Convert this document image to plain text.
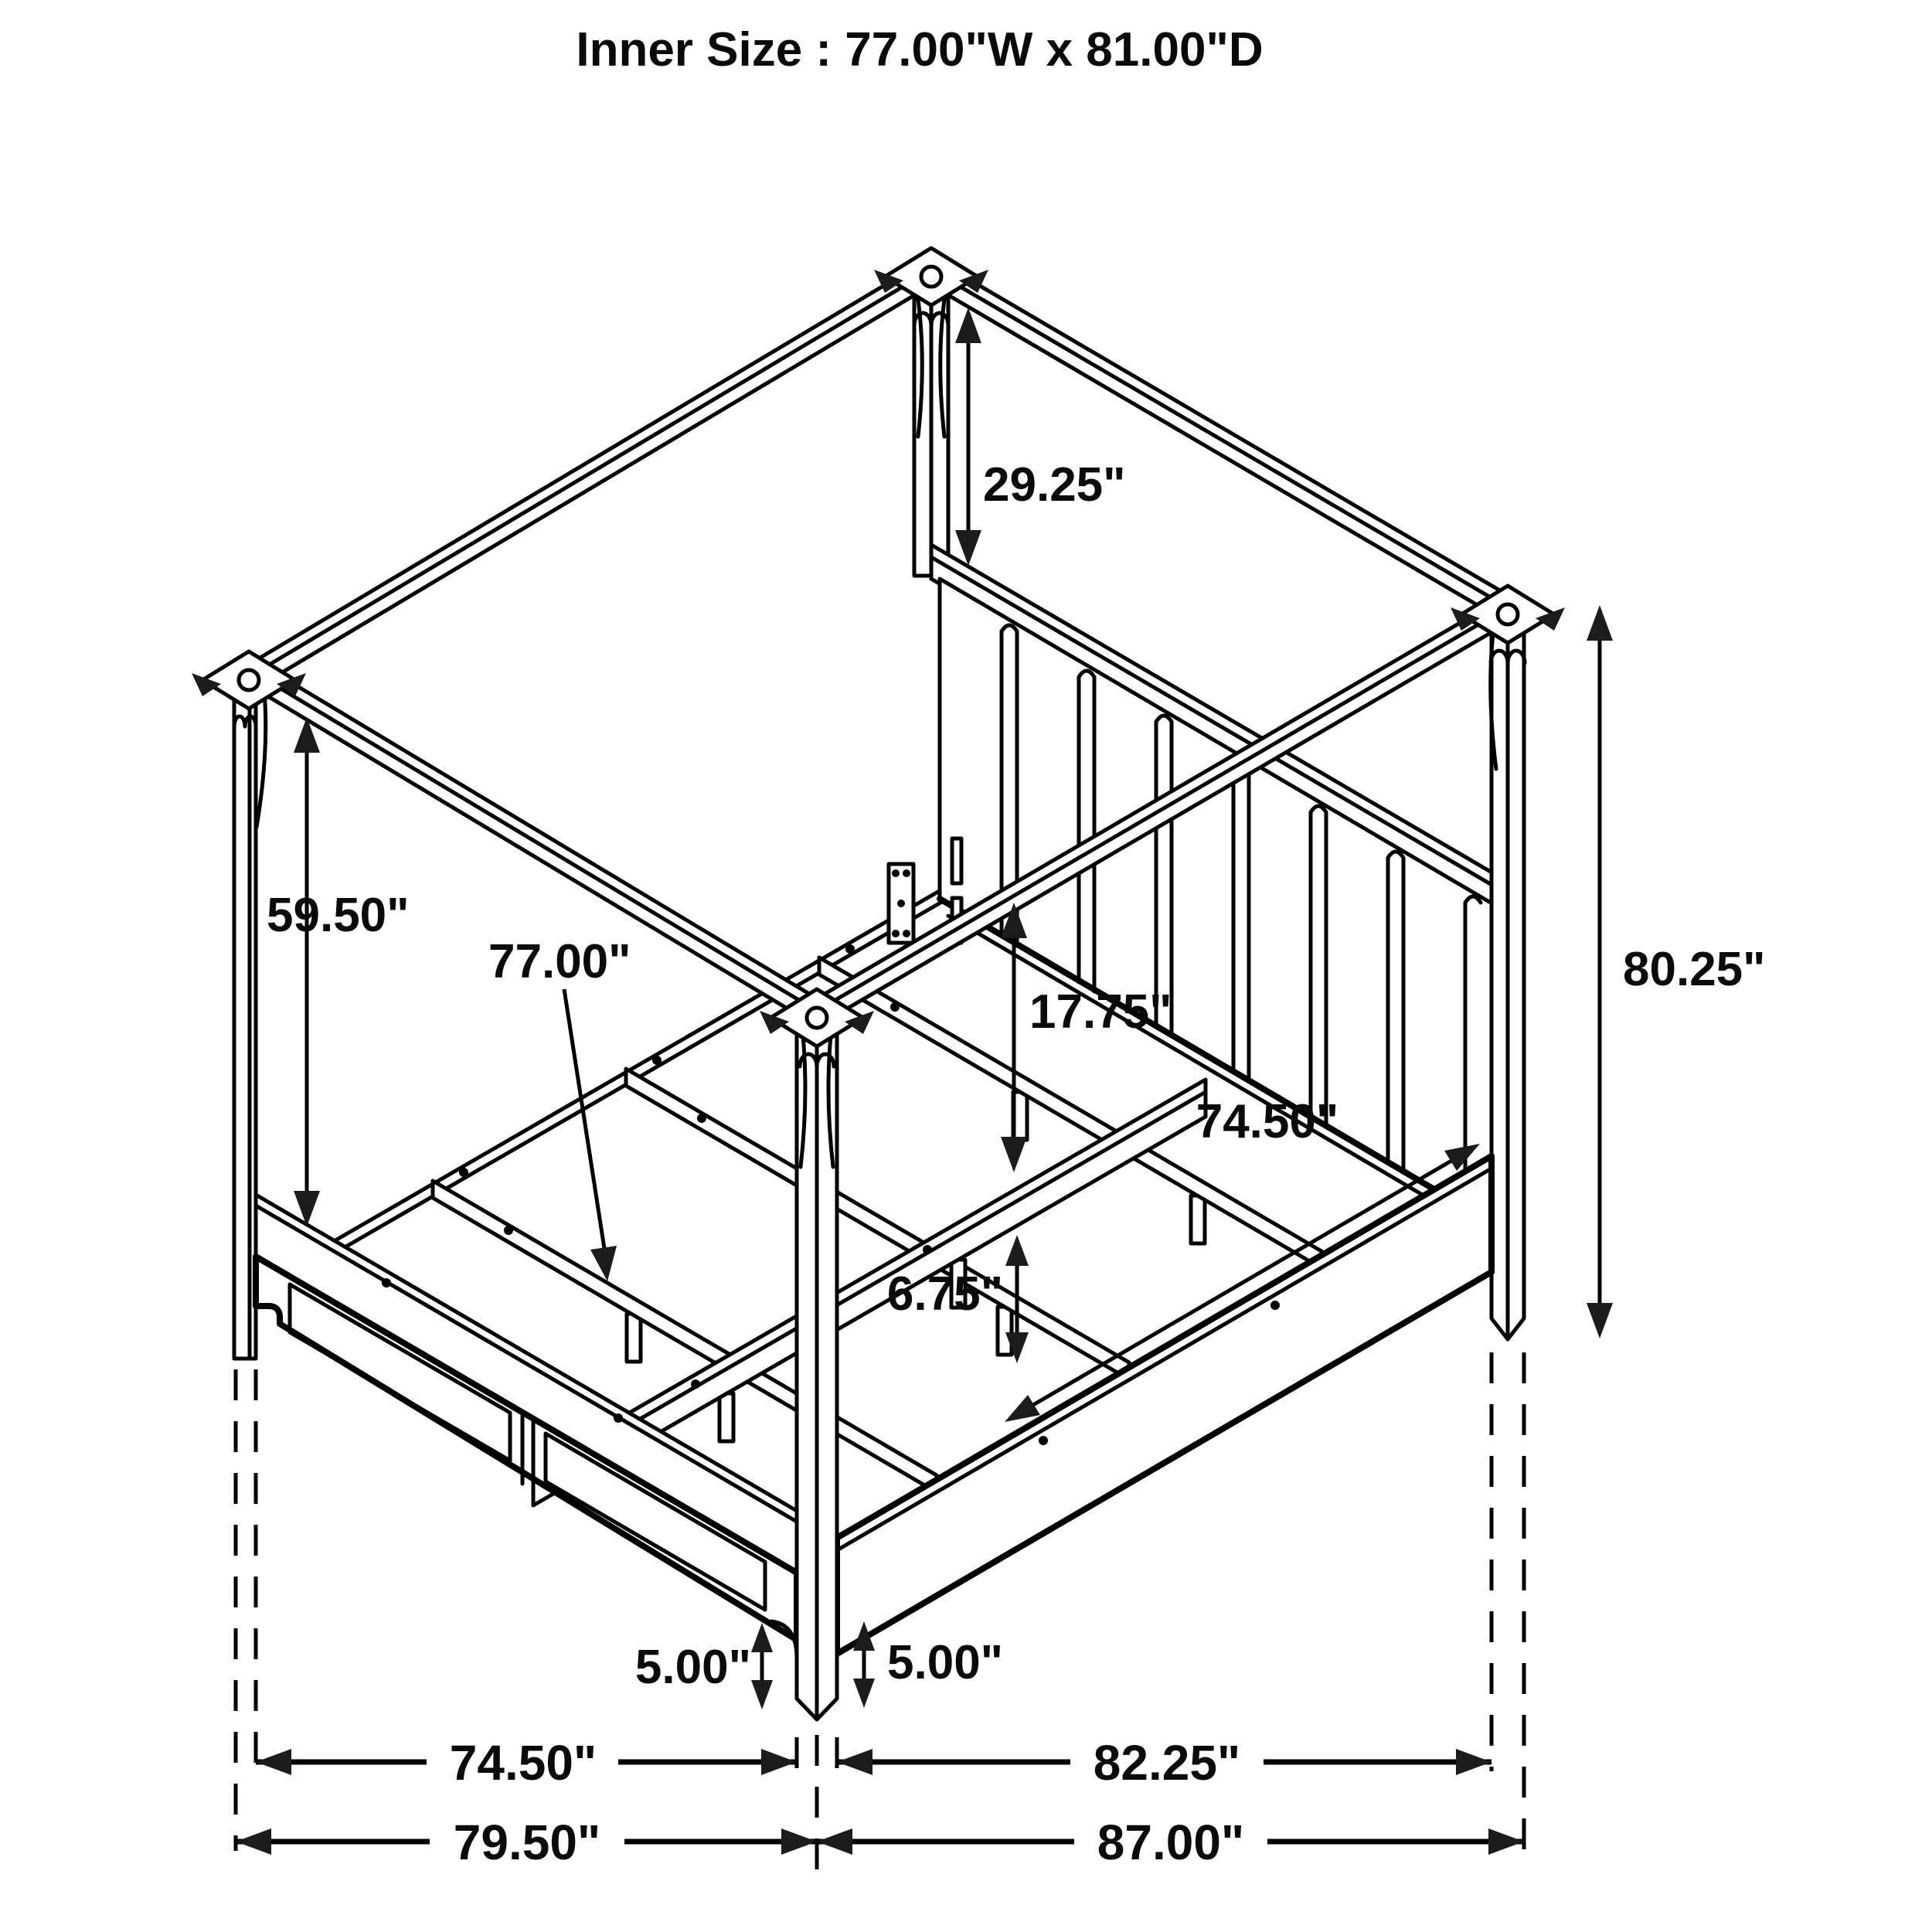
29.25"
59.50"
77.00"
17.75"
74.50"
80.25"
6.75"
5.00"	5.00"
74.50"	82.25"
79.50"	87.00"
Inner Size : 77.00"W x 81.00"D
